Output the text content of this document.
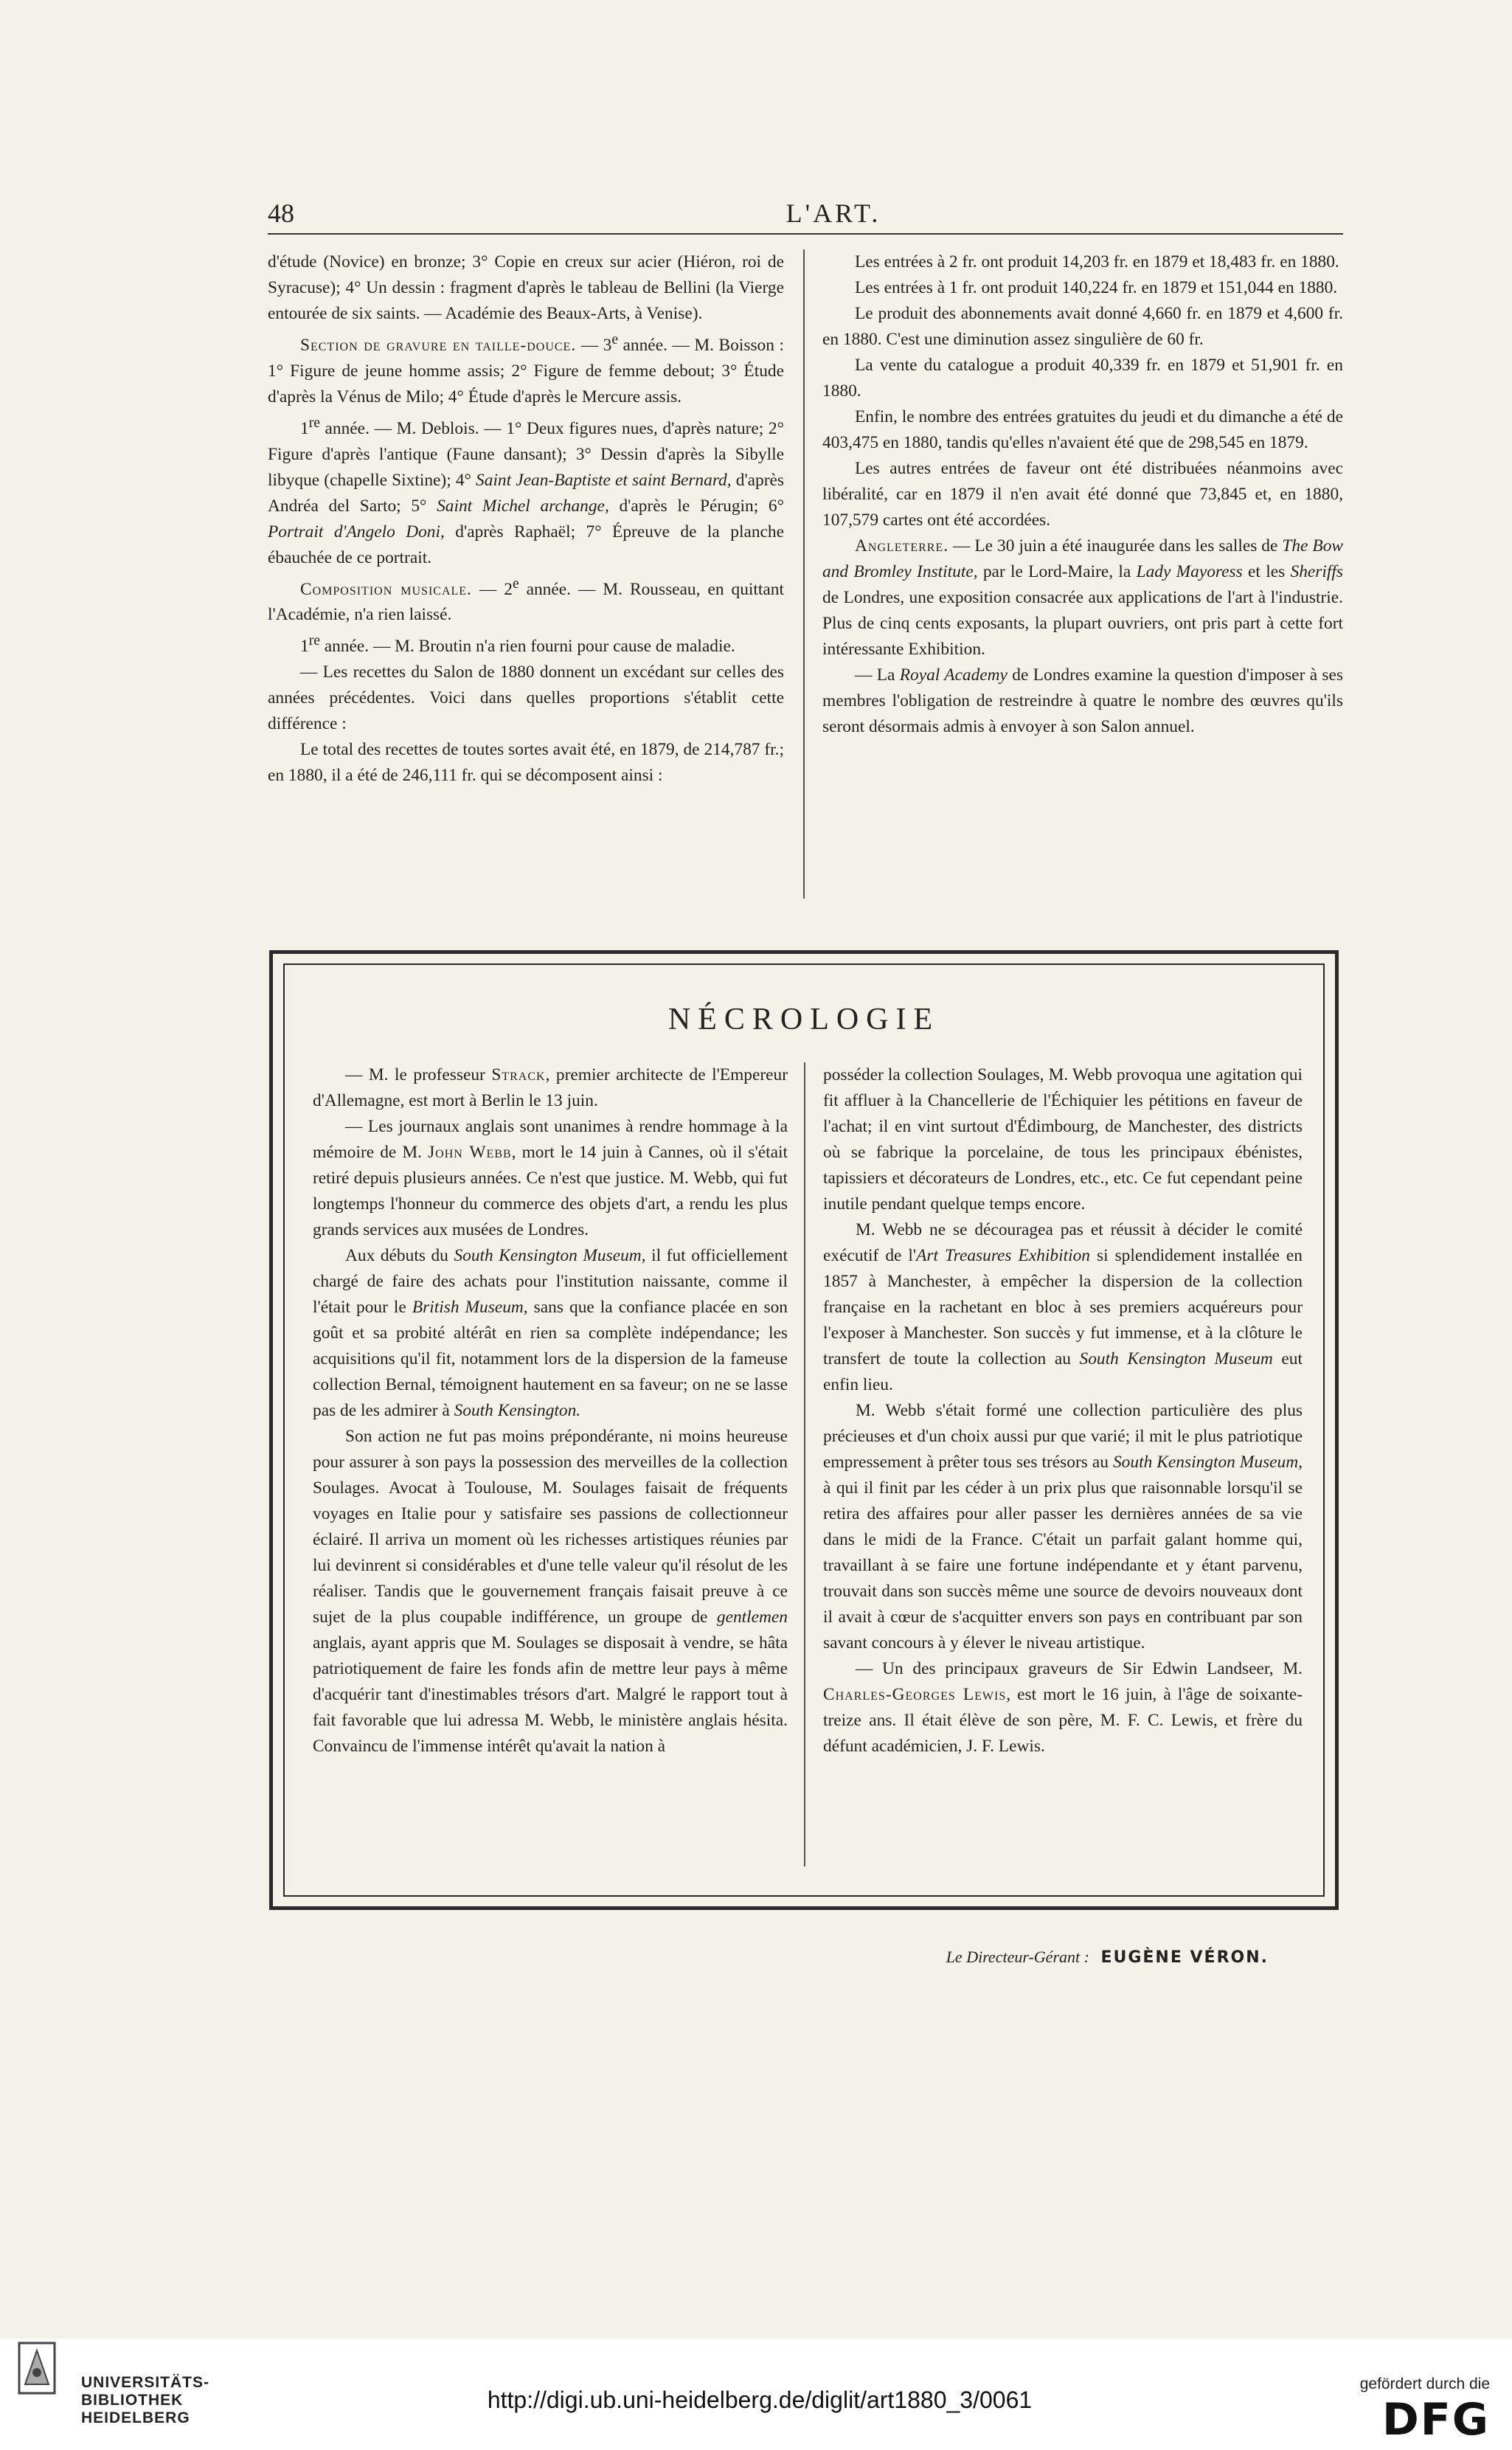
48	L'ART.

d'étude (Novice) en bronze; 3° Copie en creux sur acier (Hiéron, roi de Syracuse); 4° Un dessin : fragment d'après le tableau de Bellini (la Vierge entourée de six saints. — Académie des Beaux-Arts, à Venise).

Section de gravure en taille-douce. — 3e année. — M. Boisson : 1° Figure de jeune homme assis; 2° Figure de femme debout; 3° Étude d'après la Vénus de Milo; 4° Étude d'après le Mercure assis.

1re année. — M. Deblois. — 1° Deux figures nues, d'après nature; 2° Figure d'après l'antique (Faune dansant); 3° Dessin d'après la Sibylle libyque (chapelle Sixtine); 4° Saint Jean-Baptiste et saint Bernard, d'après Andréa del Sarto; 5° Saint Michel archange, d'après le Pérugin; 6° Portrait d'Angelo Doni, d'après Raphaël; 7° Épreuve de la planche ébauchée de ce portrait.

Composition musicale. — 2e année. — M. Rousseau, en quittant l'Académie, n'a rien laissé.

1re année. — M. Broutin n'a rien fourni pour cause de maladie.

— Les recettes du Salon de 1880 donnent un excédant sur celles des années précédentes. Voici dans quelles proportions s'établit cette différence :

Le total des recettes de toutes sortes avait été, en 1879, de 214,787 fr.; en 1880, il a été de 246,111 fr. qui se décomposent ainsi :

Les entrées à 2 fr. ont produit 14,203 fr. en 1879 et 18,483 fr. en 1880.

Les entrées à 1 fr. ont produit 140,224 fr. en 1879 et 151,044 en 1880.

Le produit des abonnements avait donné 4,660 fr. en 1879 et 4,600 fr. en 1880. C'est une diminution assez singulière de 60 fr.

La vente du catalogue a produit 40,339 fr. en 1879 et 51,901 fr. en 1880.

Enfin, le nombre des entrées gratuites du jeudi et du dimanche a été de 403,475 en 1880, tandis qu'elles n'avaient été que de 298,545 en 1879.

Les autres entrées de faveur ont été distribuées néanmoins avec libéralité, car en 1879 il n'en avait été donné que 73,845 et, en 1880, 107,579 cartes ont été accordées.

Angleterre. — Le 30 juin a été inaugurée dans les salles de The Bow and Bromley Institute, par le Lord-Maire, la Lady Mayoress et les Sheriffs de Londres, une exposition consacrée aux applications de l'art à l'industrie. Plus de cinq cents exposants, la plupart ouvriers, ont pris part à cette fort intéressante Exhibition.

— La Royal Academy de Londres examine la question d'imposer à ses membres l'obligation de restreindre à quatre le nombre des œuvres qu'ils seront désormais admis à envoyer à son Salon annuel.

NÉCROLOGIE

— M. le professeur Strack, premier architecte de l'Empereur d'Allemagne, est mort à Berlin le 13 juin.

— Les journaux anglais sont unanimes à rendre hommage à la mémoire de M. John Webb, mort le 14 juin à Cannes, où il s'était retiré depuis plusieurs années. Ce n'est que justice. M. Webb, qui fut longtemps l'honneur du commerce des objets d'art, a rendu les plus grands services aux musées de Londres.

Aux débuts du South Kensington Museum, il fut officiellement chargé de faire des achats pour l'institution naissante, comme il l'était pour le British Museum, sans que la confiance placée en son goût et sa probité altérât en rien sa complète indépendance; les acquisitions qu'il fit, notamment lors de la dispersion de la fameuse collection Bernal, témoignent hautement en sa faveur; on ne se lasse pas de les admirer à South Kensington.

Son action ne fut pas moins prépondérante, ni moins heureuse pour assurer à son pays la possession des merveilles de la collection Soulages. Avocat à Toulouse, M. Soulages faisait de fréquents voyages en Italie pour y satisfaire ses passions de collectionneur éclairé. Il arriva un moment où les richesses artistiques réunies par lui devinrent si considérables et d'une telle valeur qu'il résolut de les réaliser. Tandis que le gouvernement français faisait preuve à ce sujet de la plus coupable indifférence, un groupe de gentlemen anglais, ayant appris que M. Soulages se disposait à vendre, se hâta patriotiquement de faire les fonds afin de mettre leur pays à même d'acquérir tant d'inestimables trésors d'art. Malgré le rapport tout à fait favorable que lui adressa M. Webb, le ministère anglais hésita. Convaincu de l'immense intérêt qu'avait la nation à

posséder la collection Soulages, M. Webb provoqua une agitation qui fit affluer à la Chancellerie de l'Échiquier les pétitions en faveur de l'achat; il en vint surtout d'Édimbourg, de Manchester, des districts où se fabrique la porcelaine, de tous les principaux ébénistes, tapissiers et décorateurs de Londres, etc., etc. Ce fut cependant peine inutile pendant quelque temps encore.

M. Webb ne se découragea pas et réussit à décider le comité exécutif de l'Art Treasures Exhibition si splendidement installée en 1857 à Manchester, à empêcher la dispersion de la collection française en la rachetant en bloc à ses premiers acquéreurs pour l'exposer à Manchester. Son succès y fut immense, et à la clôture le transfert de toute la collection au South Kensington Museum eut enfin lieu.

M. Webb s'était formé une collection particulière des plus précieuses et d'un choix aussi pur que varié; il mit le plus patriotique empressement à prêter tous ses trésors au South Kensington Museum, à qui il finit par les céder à un prix plus que raisonnable lorsqu'il se retira des affaires pour aller passer les dernières années de sa vie dans le midi de la France. C'était un parfait galant homme qui, travaillant à se faire une fortune indépendante et y étant parvenu, trouvait dans son succès même une source de devoirs nouveaux dont il avait à cœur de s'acquitter envers son pays en contribuant par son savant concours à y élever le niveau artistique.

— Un des principaux graveurs de Sir Edwin Landseer, M. Charles-Georges Lewis, est mort le 16 juin, à l'âge de soixante-treize ans. Il était élève de son père, M. F. C. Lewis, et frère du défunt académicien, J. F. Lewis.

Le Directeur-Gérant : EUGÈNE VÉRON.
UNIVERSITÄTS-
BIBLIOTHEK
HEIDELBERG
http://digi.ub.uni-heidelberg.de/diglit/art1880_3/0061
gefördert durch die
DFG
